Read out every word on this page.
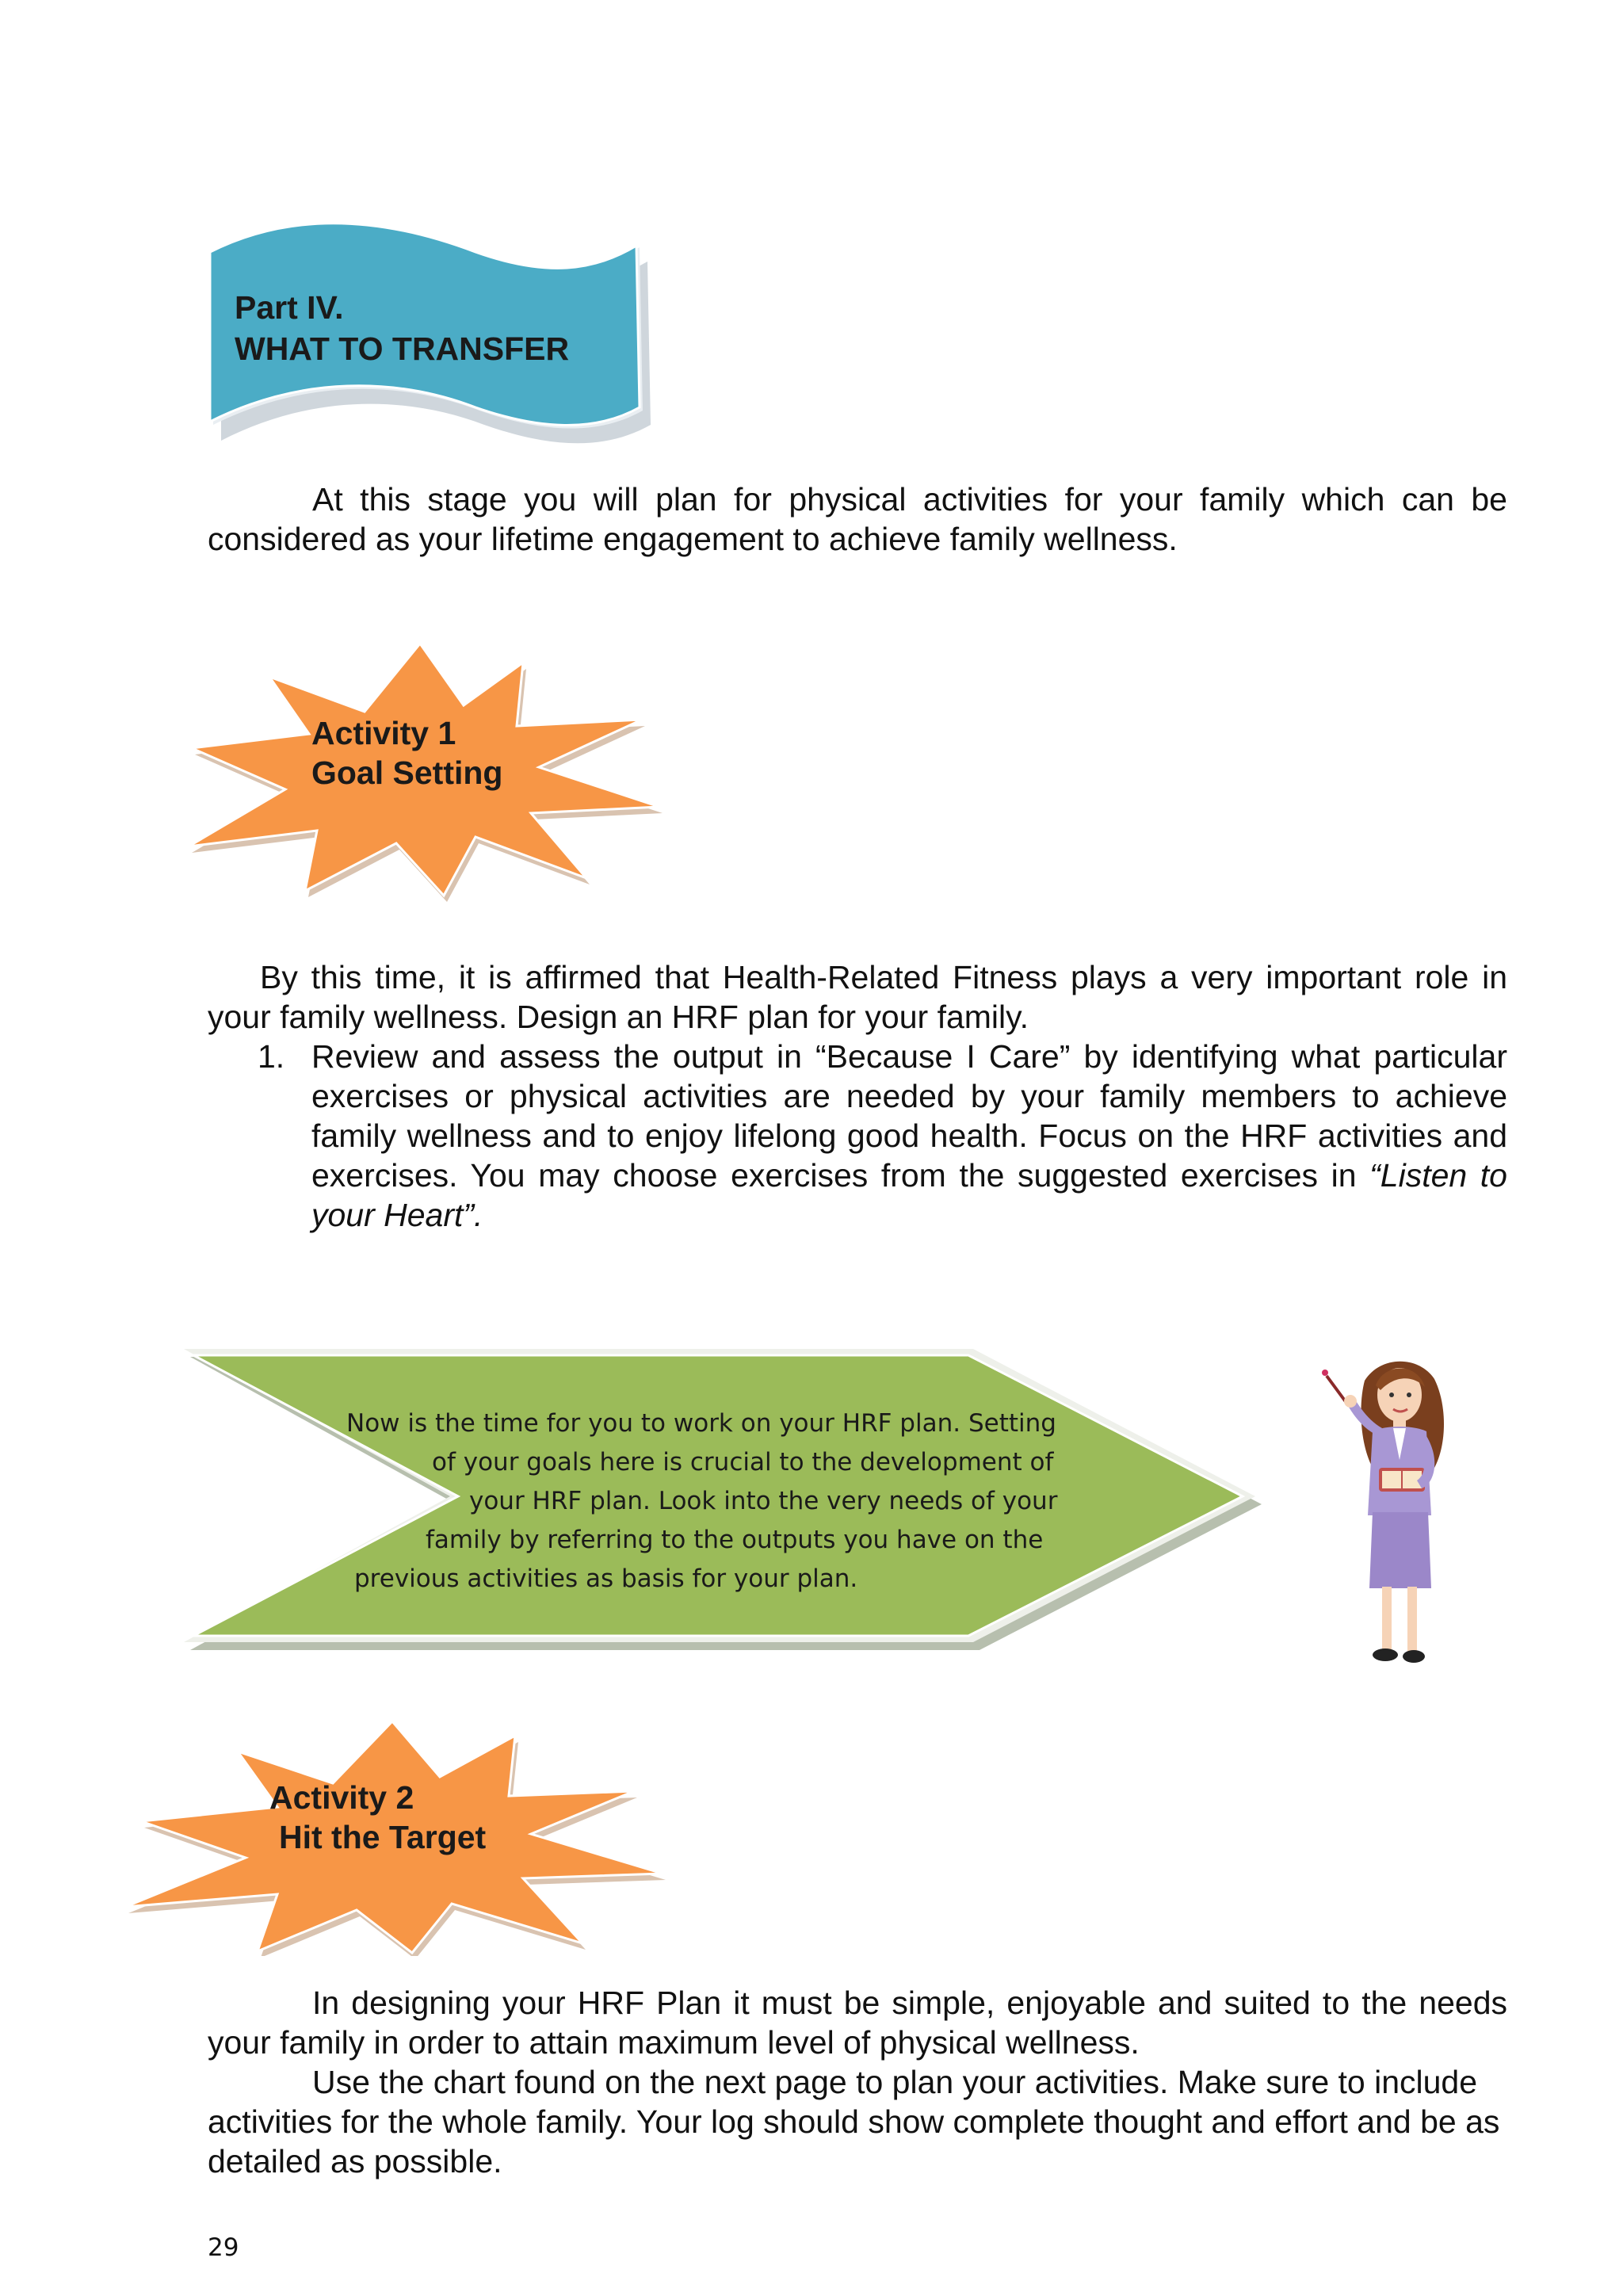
Part IV.
WHAT TO TRANSFER
At this stage you will plan for physical activities for your family which can be considered as your lifetime engagement to achieve family wellness.
Activity 1
Goal Setting
By this time, it is affirmed that Health-Related Fitness plays a very important role in your family wellness. Design an HRF plan for your family.
1. Review and assess the output in “Because I Care” by identifying what particular exercises or physical activities are needed by your family members to achieve family wellness and to enjoy lifelong good health. Focus on the HRF activities and exercises. You may choose exercises from the suggested exercises in “Listen to your Heart”.
Now is the time for you to work on your HRF plan. Setting
of your goals here is crucial to the development of
your HRF plan. Look into the very needs of your
family by referring to the outputs you have on the
previous activities as basis for your plan.
Activity 2
Hit the Target
In designing your HRF Plan it must be simple, enjoyable and suited to the needs your family in order to attain maximum level of physical wellness.
Use the chart found on the next page to plan your activities. Make sure to include activities for the whole family. Your log should show complete thought and effort and be as detailed as possible.
29
